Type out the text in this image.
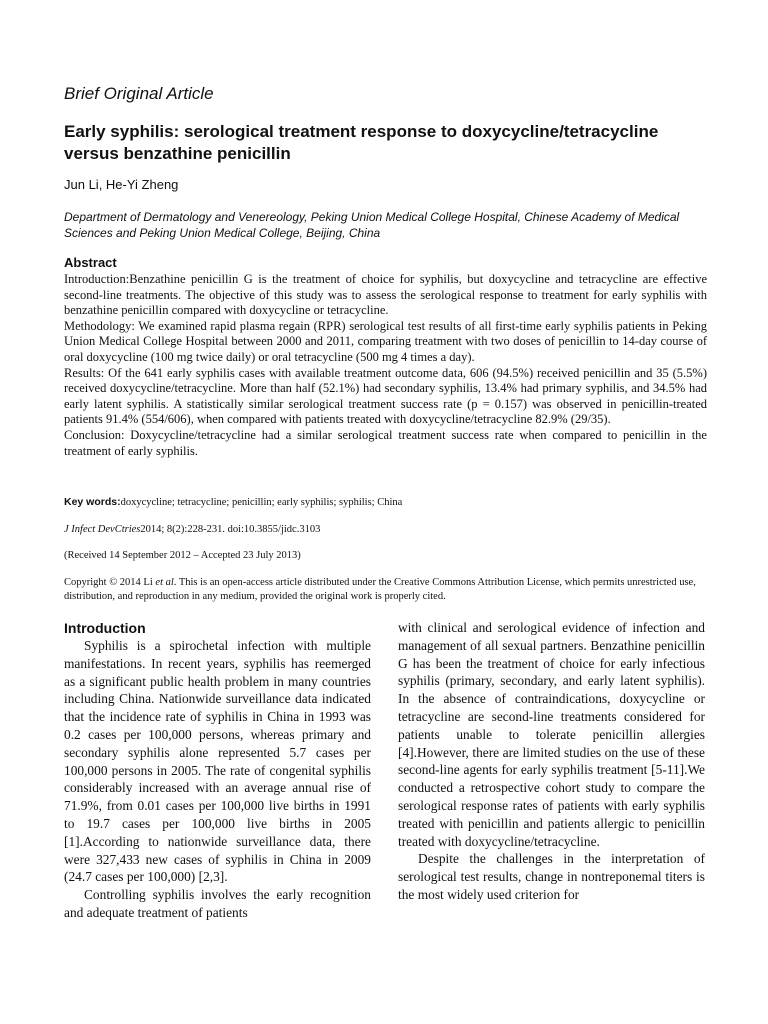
Brief Original Article
Early syphilis: serological treatment response to doxycycline/tetracycline
versus benzathine penicillin
Jun Li, He-Yi Zheng
Department of Dermatology and Venereology, Peking Union Medical College Hospital, Chinese Academy of Medical Sciences and Peking Union Medical College, Beijing, China
Abstract

Introduction:Benzathine penicillin G is the treatment of choice for syphilis, but doxycycline and tetracycline are effective second-line treatments. The objective of this study was to assess the serological response to treatment for early syphilis with benzathine penicillin compared with doxycycline or tetracycline.

Methodology: We examined rapid plasma regain (RPR) serological test results of all first-time early syphilis patients in Peking Union Medical College Hospital between 2000 and 2011, comparing treatment with two doses of penicillin to 14-day course of oral doxycycline (100 mg twice daily) or oral tetracycline (500 mg 4 times a day).

Results: Of the 641 early syphilis cases with available treatment outcome data, 606 (94.5%) received penicillin and 35 (5.5%) received doxycycline/tetracycline. More than half (52.1%) had secondary syphilis, 13.4% had primary syphilis, and 34.5% had early latent syphilis. A statistically similar serological treatment success rate (p = 0.157) was observed in penicillin-treated patients 91.4% (554/606), when compared with patients treated with doxycycline/tetracycline 82.9% (29/35).

Conclusion: Doxycycline/tetracycline had a similar serological treatment success rate when compared to penicillin in the treatment of early syphilis.

Key words:doxycycline; tetracycline; penicillin; early syphilis; syphilis; China
J Infect DevCtries2014; 8(2):228-231. doi:10.3855/jidc.3103
(Received 14 September 2012 – Accepted 23 July 2013)
Copyright © 2014 Li et al. This is an open-access article distributed under the Creative Commons Attribution License, which permits unrestricted use, distribution, and reproduction in any medium, provided the original work is properly cited.
Introduction

Syphilis is a spirochetal infection with multiple manifestations. In recent years, syphilis has reemerged as a significant public health problem in many countries including China. Nationwide surveillance data indicated that the incidence rate of syphilis in China in 1993 was 0.2 cases per 100,000 persons, whereas primary and secondary syphilis alone represented 5.7 cases per 100,000 persons in 2005. The rate of congenital syphilis considerably increased with an average annual rise of 71.9%, from 0.01 cases per 100,000 live births in 1991 to 19.7 cases per 100,000 live births in 2005 [1].According to nationwide surveillance data, there were 327,433 new cases of syphilis in China in 2009 (24.7 cases per 100,000) [2,3].

Controlling syphilis involves the early recognition and adequate treatment of patients

with clinical and serological evidence of infection and management of all sexual partners. Benzathine penicillin G has been the treatment of choice for early infectious syphilis (primary, secondary, and early latent syphilis). In the absence of contraindications, doxycycline or tetracycline are second-line treatments considered for patients unable to tolerate penicillin allergies [4].However, there are limited studies on the use of these second-line agents for early syphilis treatment [5-11].We conducted a retrospective cohort study to compare the serological response rates of patients with early syphilis treated with penicillin and patients allergic to penicillin treated with doxycycline/tetracycline.

Despite the challenges in the interpretation of serological test results, change in nontreponemal titers is the most widely used criterion for
